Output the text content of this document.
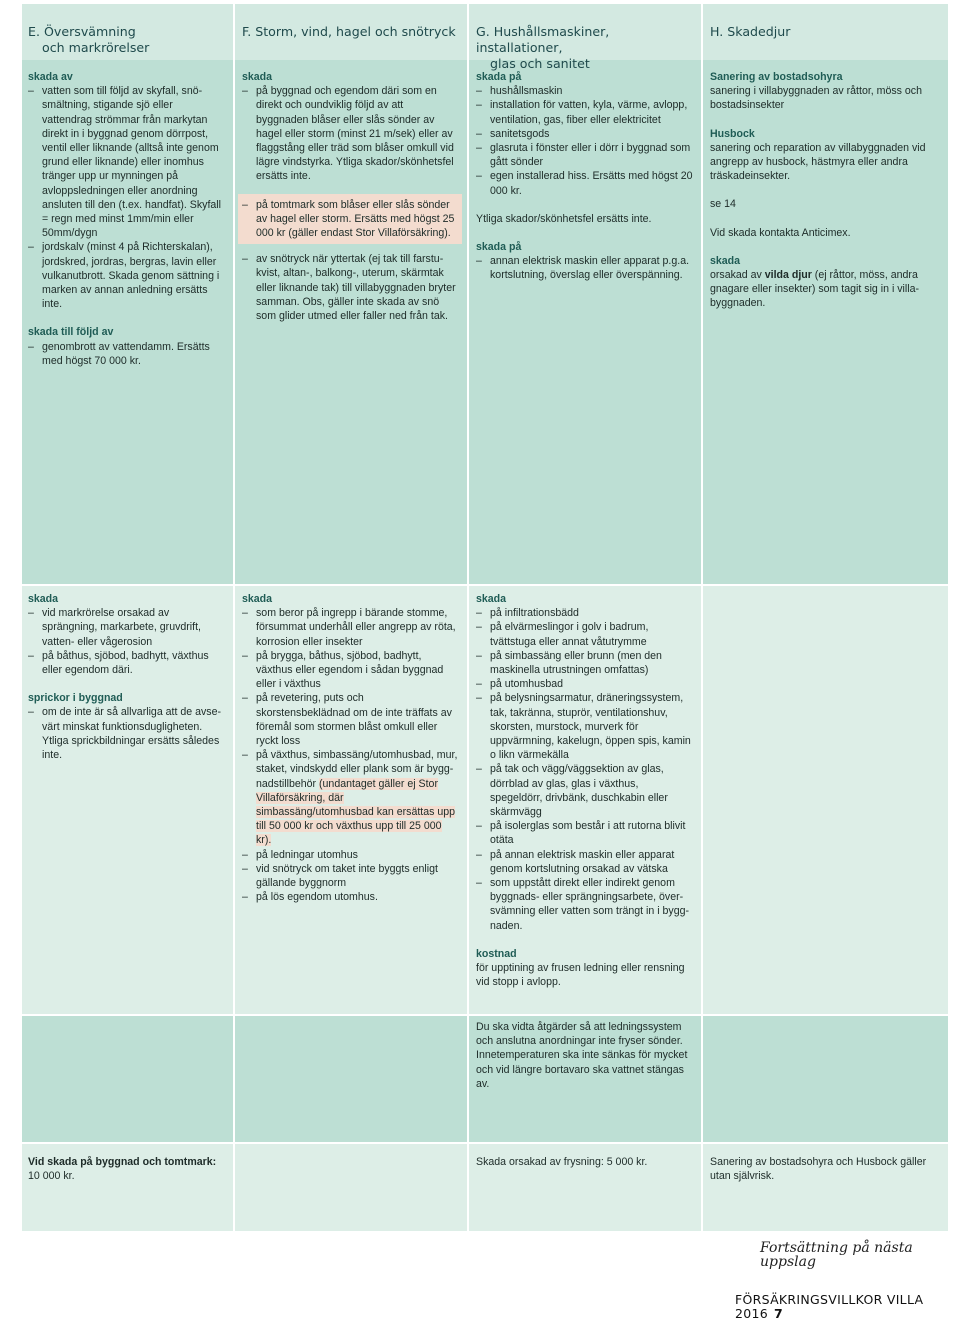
E. Översvämning
och markrörelser
F. Storm, vind, hagel och snötryck G. Hushållsmaskiner, installationer,
glas och sanitet
H. Skadedjur

skada av

– vatten som till följd av skyfall, snösmältning, stigande sjö eller vattendrag strömmar från markytan direkt in i byggnad genom dörrpost, ventil eller liknande (alltså inte genom grund eller liknande) eller inomhus tränger upp ur mynningen på avloppsledningen eller anordning ansluten till den (t.ex. handfat). Skyfall = regn med minst 1mm/min eller 50mm/dygn
– jordskalv (minst 4 på Richterskalan), jordskred, jordras, bergras, lavin eller vulkanutbrott. Skada genom sättning i marken av annan anledning ersätts inte.

skada till följd av

– genombrott av vattendamm. Ersätts med högst 70 000 kr.

skada

– på byggnad och egendom däri som en direkt och oundviklig följd av att byggnaden blåser eller slås sönder av hagel eller storm (minst 21 m/sek) eller av flaggstång eller träd som blåser omkull vid lägre vindstyrka. Ytliga skador/skönhetsfel ersätts inte.
– på tomtmark som blåser eller slås sönder av hagel eller storm. Ersätts med högst 25 000 kr (gäller endast Stor Villaförsäkring).
– av snötryck när yttertak (ej tak till farstukvist, altan-, balkong-, uterum, skärmtak eller liknande tak) till villabyggnaden bryter samman. Obs, gäller inte skada av snö som glider utmed eller faller ned från tak.

skada på

– hushållsmaskin
– installation för vatten, kyla, värme, avlopp, ventilation, gas, fiber eller elektricitet
– sanitetsgods
– glasruta i fönster eller i dörr i byggnad som gått sönder
– egen installerad hiss. Ersätts med högst 20 000 kr.

Ytliga skador/skönhetsfel ersätts inte.

skada på

– annan elektrisk maskin eller apparat p.g.a. kortslutning, överslag eller överspänning.

Sanering av bostadsohyra

sanering i villabyggnaden av råttor, möss och bostadsinsekter

Husbock

sanering och reparation av villabyggnaden vid angrepp av husbock, hästmyra eller andra träskadeinsekter.

se 14

Vid skada kontakta Anticimex.

skada

orsakad av vilda djur (ej råttor, möss, andra gnagare eller insekter) som tagit sig in i villabyggnaden.

skada

– vid markrörelse orsakad av sprängning, markarbete, gruvdrift, vatten- eller vågerosion
– på båthus, sjöbod, badhytt, växthus eller egendom däri.

sprickor i byggnad

– om de inte är så allvarliga att de avsevärt minskat funktionsdugligheten. Ytliga sprickbildningar ersätts således inte.

skada

– som beror på ingrepp i bärande stomme, försummat underhåll eller angrepp av röta, korrosion eller insekter
– på brygga, båthus, sjöbod, badhytt, växthus eller egendom i sådan byggnad eller i växthus
– på revetering, puts och skorstensbeklädnad om de inte träffats av föremål som stormen blåst omkull eller ryckt loss
– på växthus, simbassäng/utomhusbad, mur, staket, vindskydd eller plank som är byggnadstillbehör (undantaget gäller ej Stor Villaförsäkring, där simbassäng/utomhusbad kan ersättas upp till 50 000 kr och växthus upp till 25 000 kr).
– på ledningar utomhus
– vid snötryck om taket inte byggts enligt gällande byggnorm
– på lös egendom utomhus.

skada

– på infiltrationsbädd
– på elvärmeslingor i golv i badrum, tvättstuga eller annat våtutrymme
– på simbassäng eller brunn (men den maskinella utrustningen omfattas)
– på utomhusbad
– på belysningsarmatur, dräneringssystem, tak, takränna, stuprör, ventilationshuv, skorsten, murstock, murverk för uppvärmning, kakelugn, öppen spis, kamin o likn värmekälla
– på tak och vägg/väggsektion av glas, dörrblad av glas, glas i växthus, spegeldörr, drivbänk, duschkabin eller skärmvägg
– på isolerglas som består i att rutorna blivit otäta
– på annan elektrisk maskin eller apparat genom kortslutning orsakad av vätska
– som uppstått direkt eller indirekt genom byggnads- eller sprängningsarbete, översvämning eller vatten som trängt in i byggnaden.

kostnad

för upptining av frusen ledning eller rensning vid stopp i avlopp.

Du ska vidta åtgärder så att ledningssystem och anslutna anordningar inte fryser sönder. Innetemperaturen ska inte sänkas för mycket och vid längre bortavaro ska vattnet stängas av.

Vid skada på byggnad och tomtmark:

10 000 kr.

Skada orsakad av frysning: 5 000 kr.	Sanering av bostadsohyra och Husbock gäller utan självrisk.

Fortsättning på nästa uppslag
FÖRSÄKRINGSVILLKOR VILLA 2016 7
